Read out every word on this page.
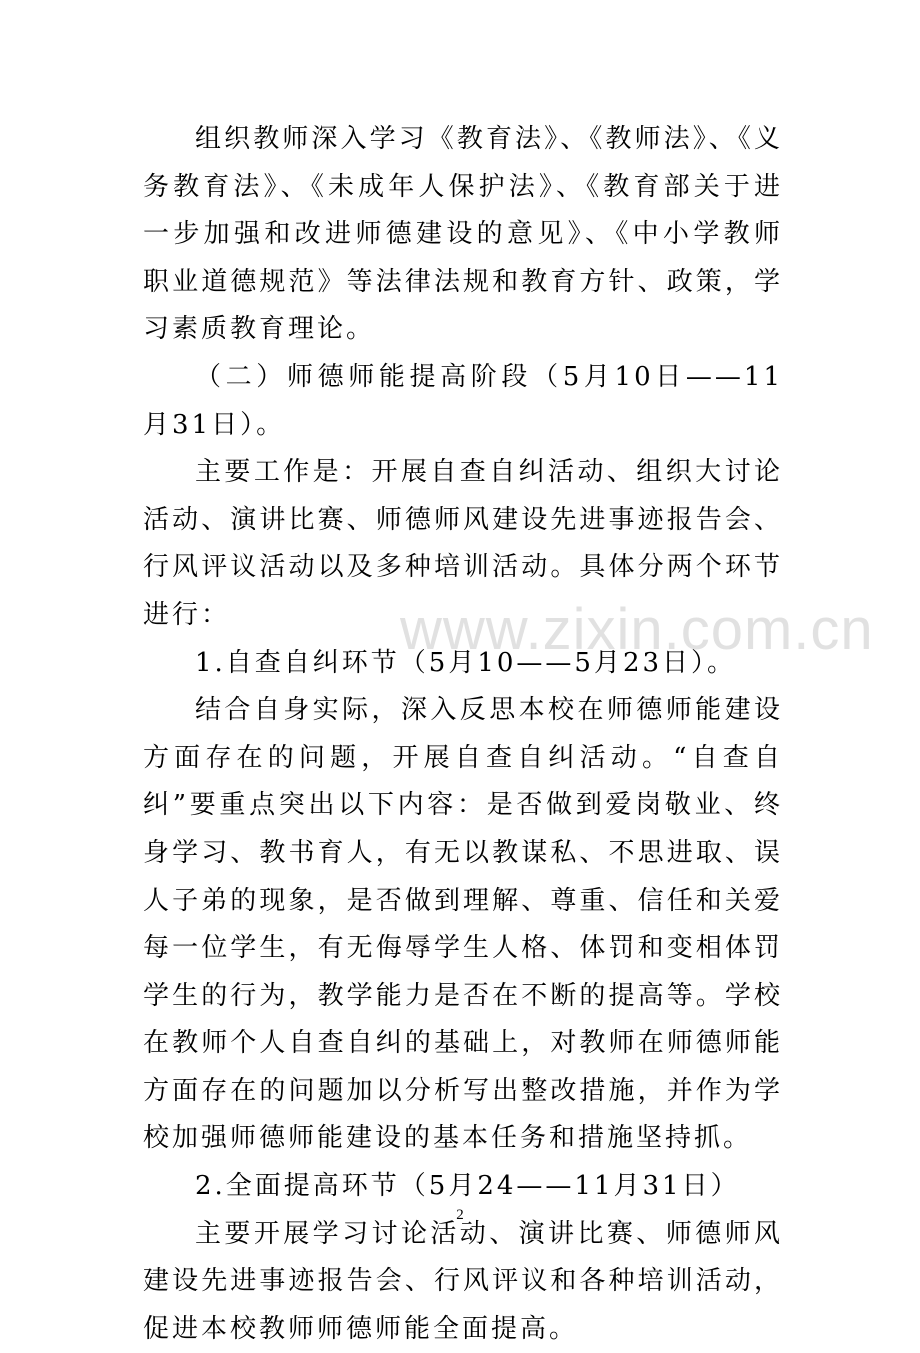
组织教师深入学习《教育法》、《教师法》、《义务教育法》、《未成年人保护法》、《教育部关于进一步加强和改进师德建设的意见》、《中小学教师职业道德规范》等法律法规和教育方针、政策，学习素质教育理论。

（二）师德师能提高阶段（5月10日——11月31日）。

主要工作是：开展自查自纠活动、组织大讨论活动、演讲比赛、师德师风建设先进事迹报告会、行风评议活动以及多种培训活动。具体分两个环节进行：

1.自查自纠环节（5月10——5月23日）。

结合自身实际，深入反思本校在师德师能建设方面存在的问题，开展自查自纠活动。“自查自纠”要重点突出以下内容：是否做到爱岗敬业、终身学习、教书育人，有无以教谋私、不思进取、误人子弟的现象，是否做到理解、尊重、信任和关爱每一位学生，有无侮辱学生人格、体罚和变相体罚学生的行为，教学能力是否在不断的提高等。学校在教师个人自查自纠的基础上，对教师在师德师能方面存在的问题加以分析写出整改措施，并作为学校加强师德师能建设的基本任务和措施坚持抓。

2.全面提高环节（5月24——11月31日）

主要开展学习讨论活动、演讲比赛、师德师风建设先进事迹报告会、行风评议和各种培训活动，促进本校教师师德师能全面提高。

www.zixin.com.cn
2
